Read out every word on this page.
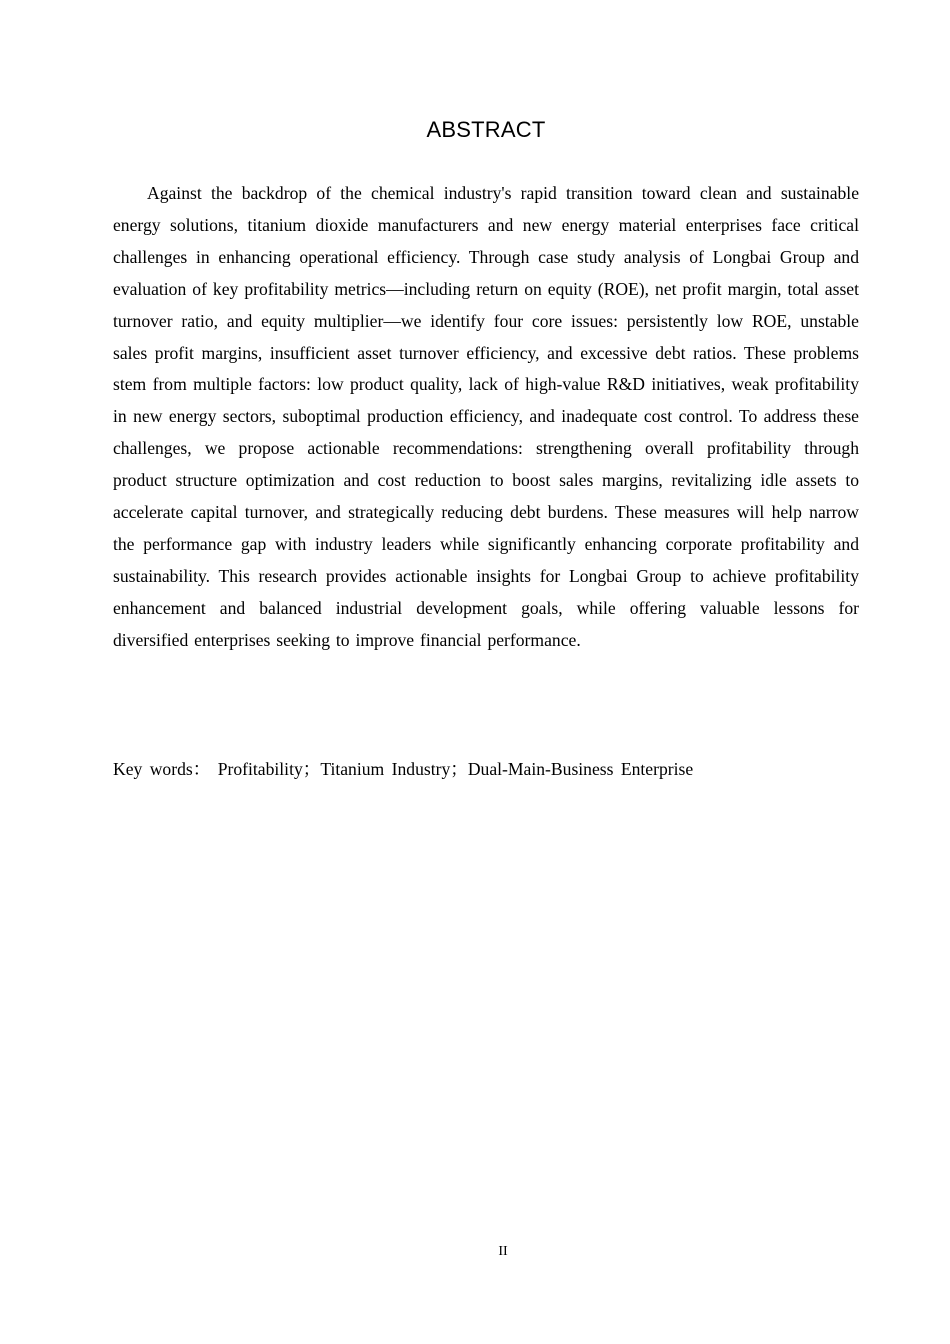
ABSTRACT

Against the backdrop of the chemical industry's rapid transition toward clean and sustainable energy solutions, titanium dioxide manufacturers and new energy material enterprises face critical challenges in enhancing operational efficiency. Through case study analysis of Longbai Group and evaluation of key profitability metrics—including return on equity (ROE), net profit margin, total asset turnover ratio, and equity multiplier—we identify four core issues: persistently low ROE, unstable sales profit margins, insufficient asset turnover efficiency, and excessive debt ratios. These problems stem from multiple factors: low product quality, lack of high-value R&D initiatives, weak profitability in new energy sectors, suboptimal production efficiency, and inadequate cost control. To address these challenges, we propose actionable recommendations: strengthening overall profitability through product structure optimization and cost reduction to boost sales margins, revitalizing idle assets to accelerate capital turnover, and strategically reducing debt burdens. These measures will help narrow the performance gap with industry leaders while significantly enhancing corporate profitability and sustainability. This research provides actionable insights for Longbai Group to achieve profitability enhancement and balanced industrial development goals, while offering valuable lessons for diversified enterprises seeking to improve financial performance.

Key words： Profitability；Titanium Industry；Dual-Main-Business Enterprise
II
